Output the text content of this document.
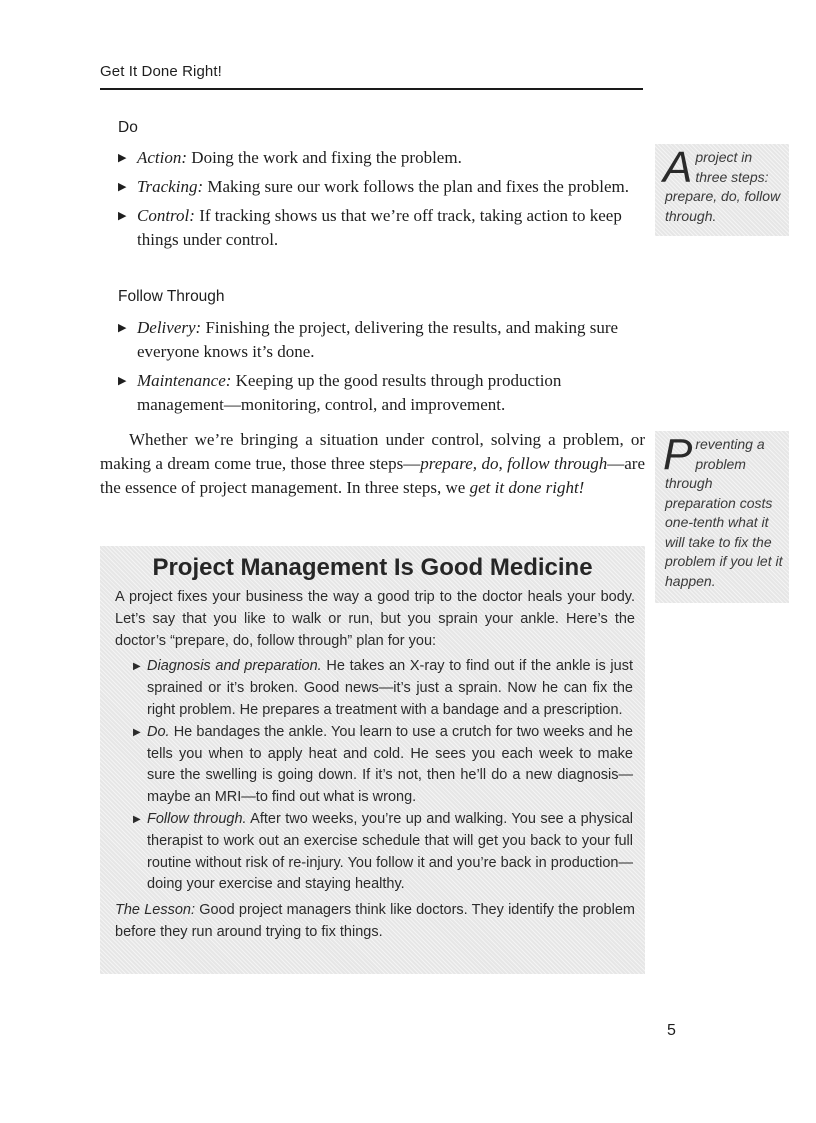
Get It Done Right!
Do
▶ Action: Doing the work and fixing the problem.
▶ Tracking: Making sure our work follows the plan and fixes the problem.
▶ Control: If tracking shows us that we’re off track, taking action to keep things under control.
Follow Through
▶ Delivery: Finishing the project, delivering the results, and making sure everyone knows it’s done.
▶ Maintenance: Keeping up the good results through production management—monitoring, control, and improvement.

Whether we’re bringing a situation under control, solving a problem, or making a dream come true, those three steps—prepare, do, follow through—are the essence of project management. In three steps, we get it done right!

Project Management Is Good Medicine

A project fixes your business the way a good trip to the doctor heals your body. Let’s say that you like to walk or run, but you sprain your ankle. Here’s the doctor’s “prepare, do, follow through” plan for you:

▶ Diagnosis and preparation. He takes an X-ray to find out if the ankle is just sprained or it’s broken. Good news—it’s just a sprain. Now he can fix the right problem. He prepares a treatment with a bandage and a prescription.
▶ Do. He bandages the ankle. You learn to use a crutch for two weeks and he tells you when to apply heat and cold. He sees you each week to make sure the swelling is going down. If it’s not, then he’ll do a new diagnosis—maybe an MRI—to find out what is wrong.
▶ Follow through. After two weeks, you’re up and walking. You see a physical therapist to work out an exercise schedule that will get you back to your full routine without risk of re-injury. You follow it and you’re back in production—doing your exercise and staying healthy.

The Lesson: Good project managers think like doctors. They identify the problem before they run around trying to fix things.

Aproject in three steps: prepare, do, follow through.
Preventing a problem through preparation costs one-tenth what it will take to fix the problem if you let it happen.
5
